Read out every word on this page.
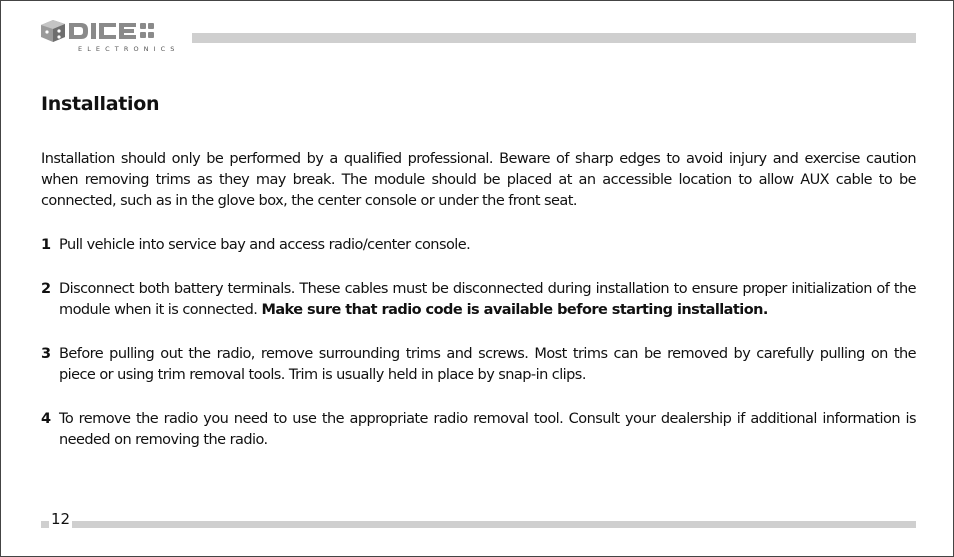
ELECTRONICS
Installation

Installation should only be performed by a qualified professional. Beware of sharp edges to avoid injury and exercise caution when removing trims as they may break. The module should be placed at an accessible location to allow AUX cable to be connected, such as in the glove box, the center console or under the front seat.

1 Pull vehicle into service bay and access radio/center console.
2 Disconnect both battery terminals. These cables must be disconnected during installation to ensure proper initialization of the module when it is connected. Make sure that radio code is available before starting installation.
3 Before pulling out the radio, remove surrounding trims and screws. Most trims can be removed by carefully pulling on the piece or using trim removal tools. Trim is usually held in place by snap-in clips.
4 To remove the radio you need to use the appropriate radio removal tool. Consult your dealership if additional information is needed on removing the radio.
12
